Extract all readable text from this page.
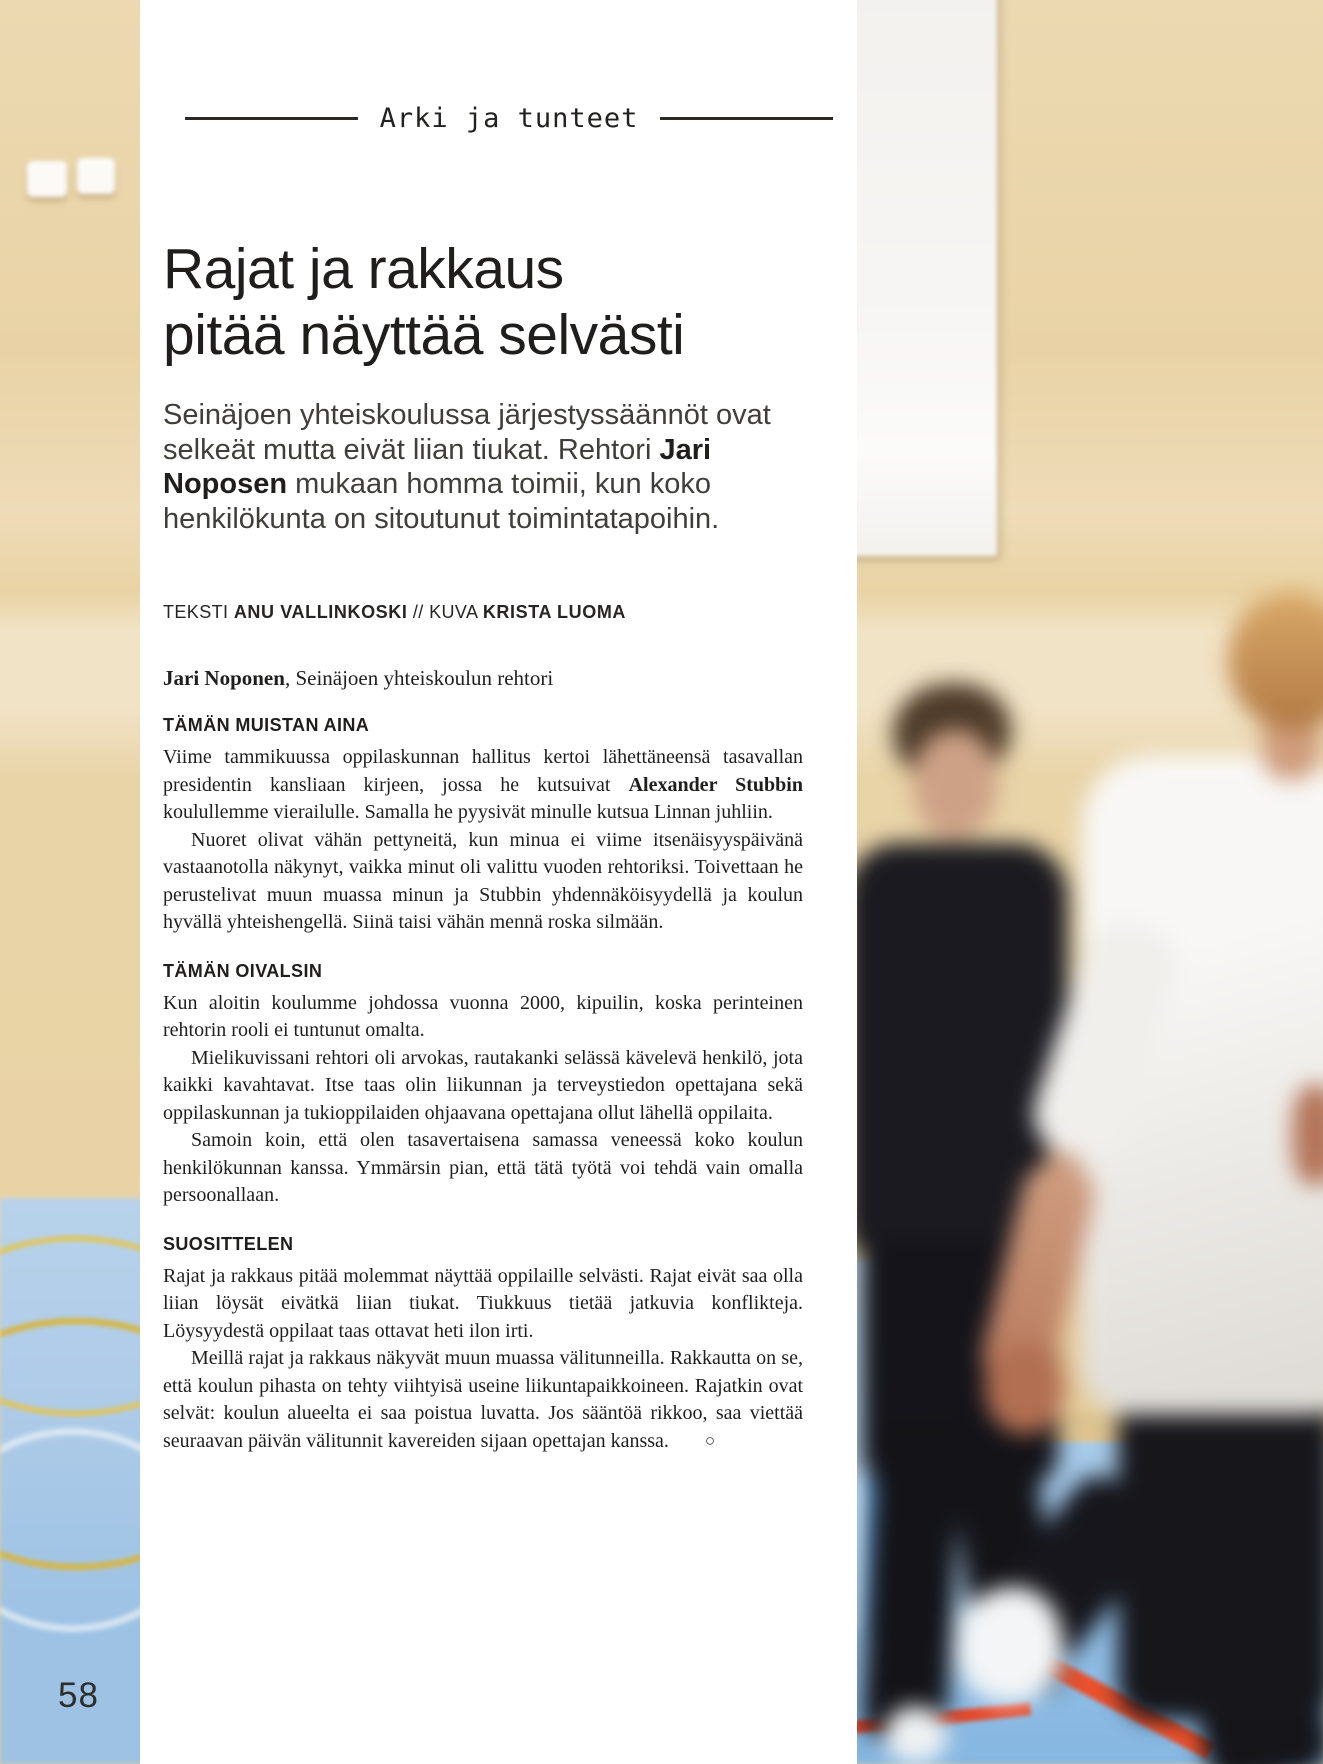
58
Arki ja tunteet
Rajat ja rakkaus
pitää näyttää selvästi

Seinäjoen yhteiskoulussa järjestyssäännöt ovat selkeät mutta eivät liian tiukat. Rehtori Jari Noposen mukaan homma toimii, kun koko henkilökunta on sitoutunut toimintatapoihin.

TEKSTI ANU VALLINKOSKI // KUVA KRISTA LUOMA

Jari Noponen, Seinäjoen yhteiskoulun rehtori

TÄMÄN MUISTAN AINA

Viime tammikuussa oppilaskunnan hallitus kertoi lähettäneensä tasavallan presidentin kansliaan kirjeen, jossa he kutsuivat Alexander Stubbin koulullemme vierailulle. Samalla he pyysivät minulle kutsua Linnan juhliin.

Nuoret olivat vähän pettyneitä, kun minua ei viime itsenäisyyspäivänä vastaanotolla näkynyt, vaikka minut oli valittu vuoden rehtoriksi. Toivettaan he perustelivat muun muassa minun ja Stubbin yhdennäköisyydellä ja koulun hyvällä yhteishengellä. Siinä taisi vähän mennä roska silmään.

TÄMÄN OIVALSIN

Kun aloitin koulumme johdossa vuonna 2000, kipuilin, koska perinteinen rehtorin rooli ei tuntunut omalta.

Mielikuvissani rehtori oli arvokas, rautakanki selässä kävelevä henkilö, jota kaikki kavahtavat. Itse taas olin liikunnan ja terveystiedon opettajana sekä oppilaskunnan ja tukioppilaiden ohjaavana opettajana ollut lähellä oppilaita.

Samoin koin, että olen tasavertaisena samassa veneessä koko koulun henkilökunnan kanssa. Ymmärsin pian, että tätä työtä voi tehdä vain omalla persoonallaan.

SUOSITTELEN

Rajat ja rakkaus pitää molemmat näyttää oppilaille selvästi. Rajat eivät saa olla liian löysät eivätkä liian tiukat. Tiukkuus tietää jatkuvia konflikteja. Löysyydestä oppilaat taas ottavat heti ilon irti.

Meillä rajat ja rakkaus näkyvät muun muassa välitunneilla. Rakkautta on se, että koulun pihasta on tehty viihtyisä useine liikuntapaikkoineen. Rajatkin ovat selvät: koulun alueelta ei saa poistua luvatta. Jos sääntöä rikkoo, saa viettää seuraavan päivän välitunnit kavereiden sijaan opettajan kanssa. ○
